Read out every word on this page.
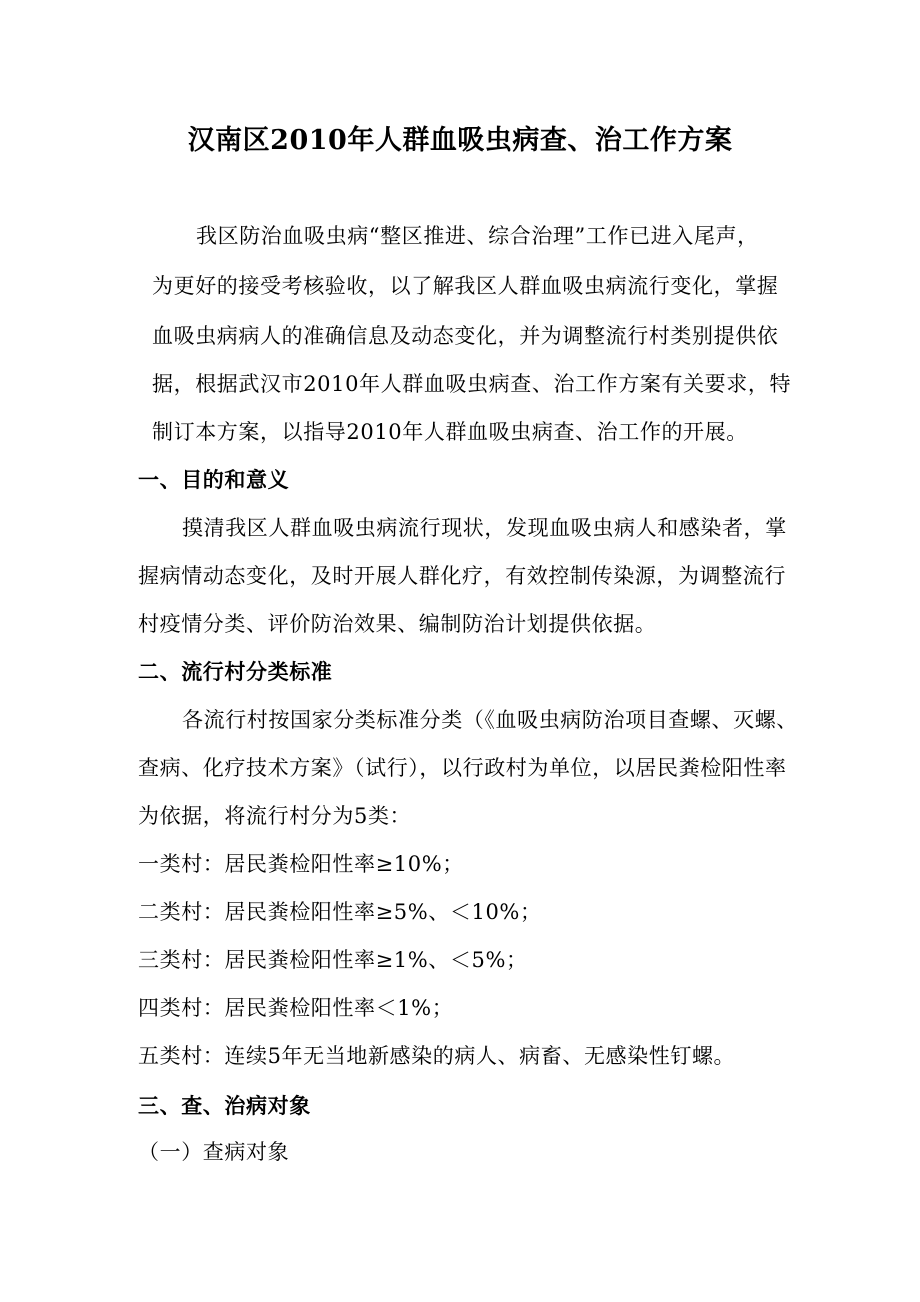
汉南区2010年人群血吸虫病查、治工作方案
我区防治血吸虫病“整区推进、综合治理”工作已进入尾声，
为更好的接受考核验收，以了解我区人群血吸虫病流行变化，掌握
血吸虫病病人的准确信息及动态变化，并为调整流行村类别提供依
据，根据武汉市2010年人群血吸虫病查、治工作方案有关要求，特
制订本方案，以指导2010年人群血吸虫病查、治工作的开展。
一、目的和意义
摸清我区人群血吸虫病流行现状，发现血吸虫病人和感染者，掌
握病情动态变化，及时开展人群化疗，有效控制传染源，为调整流行
村疫情分类、评价防治效果、编制防治计划提供依据。
二、流行村分类标准
各流行村按国家分类标准分类（《血吸虫病防治项目查螺、灭螺、
查病、化疗技术方案》（试行），以行政村为单位，以居民粪检阳性率
为依据，将流行村分为5类：
一类村：居民粪检阳性率≥10%；
二类村：居民粪检阳性率≥5%、＜10%；
三类村：居民粪检阳性率≥1%、＜5%；
四类村：居民粪检阳性率＜1%；
五类村：连续5年无当地新感染的病人、病畜、无感染性钉螺。
三、查、治病对象
（一）查病对象
